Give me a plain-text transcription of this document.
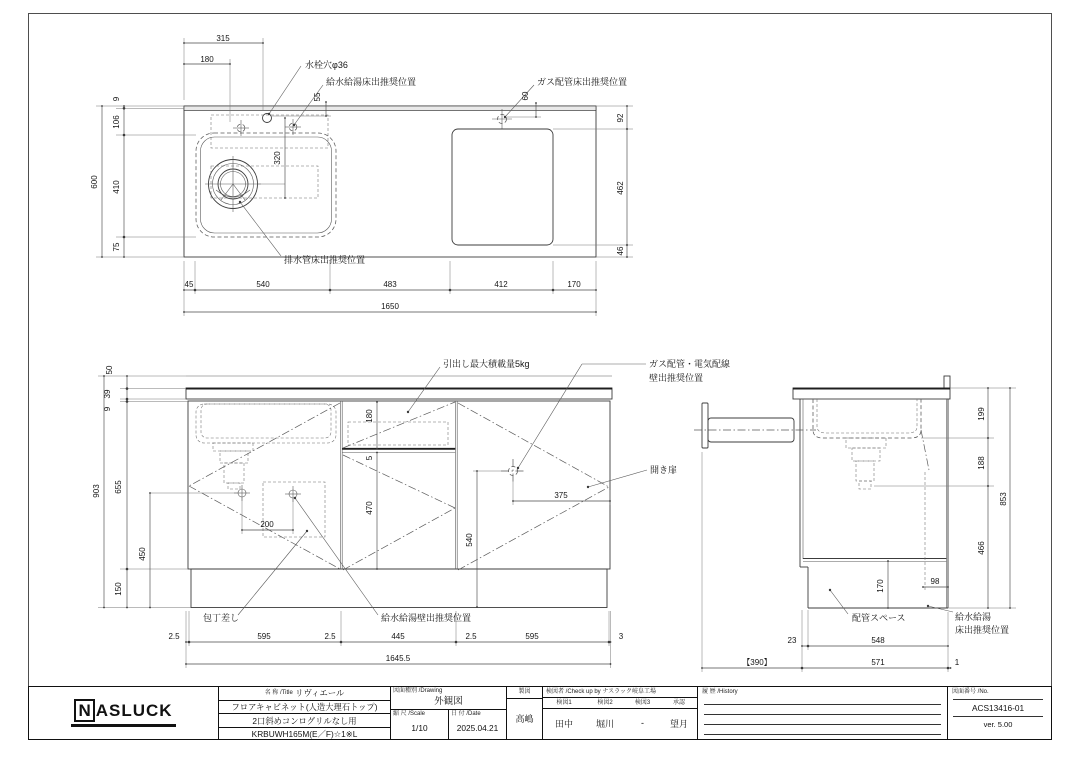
315
180
55	60
320
92
462
46
9
106
410
75
600
45	540	483	412	170
1650
水栓穴φ36
給水給湯床出推奨位置	ガス配管床出推奨位置
排水管床出推奨位置
50
39
9
655
450
150
903
180
5
470
200
375
540
2.5	595	2.5	445	2.5	595	3
1645.5
引出し最大積載量5kg	ガス配管・電気配線
壁出推奨位置
開き扉
包丁差し	給水給湯壁出推奨位置
199
188
466
853
170	98
23	548
【390】	571	1
配管スペース	給水給湯
床出推奨位置
N ASLUCK
名 称 /Title
リヴィエール
フロアキャビネット(人造大理石トップ)
2口斜めコンログリルなし用
KRBUWH165M(E／F)☆1※L
図面種別 /Drawing
外観図
縮 尺 /Scale
1/10
日 付 /Date
2025.04.21
製図
高嶋
検図者 /Check up by ナスラック岐阜工場
検図1	検図2	検図3	承認
田中	堀川	-	望月
履 歴 /History	図面番号 /No.
ACS13416-01
ver. 5.00
